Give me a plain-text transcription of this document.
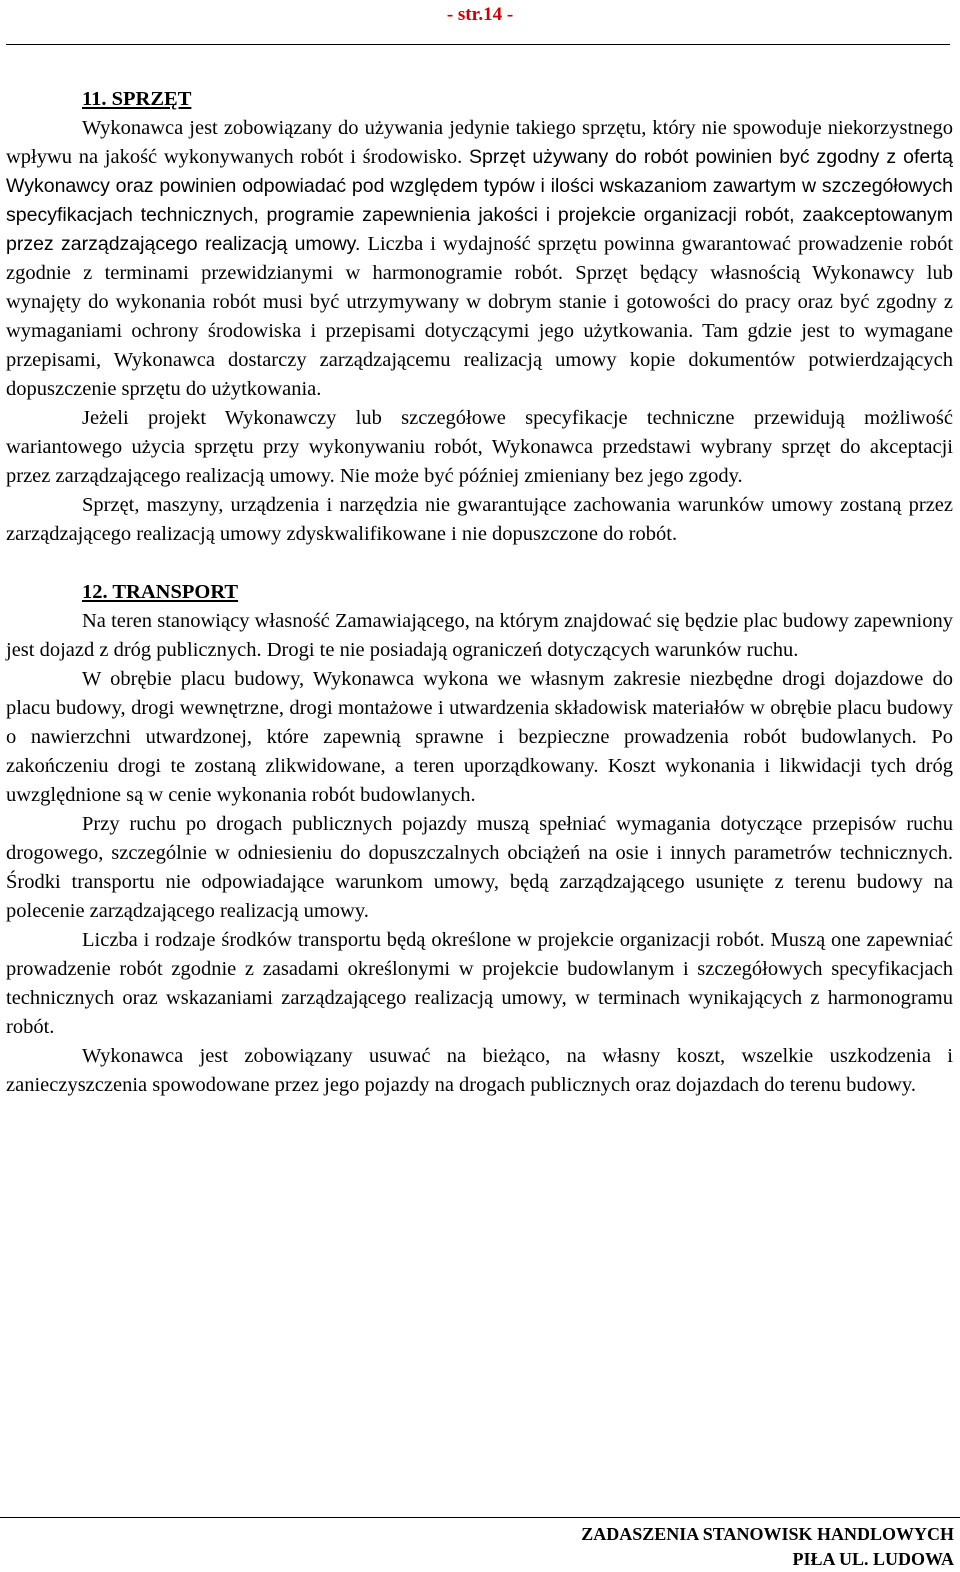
- str.14 -

11. SPRZĘT

Wykonawca jest zobowiązany do używania jedynie takiego sprzętu, który nie spowoduje niekorzystnego wpływu na jakość wykonywanych robót i środowisko. Sprzęt używany do robót powinien być zgodny z ofertą Wykonawcy oraz powinien odpowiadać pod względem typów i ilości wskazaniom zawartym w szczegółowych specyfikacjach technicznych, programie zapewnienia jakości i projekcie organizacji robót, zaakceptowanym przez zarządzającego realizacją umowy. Liczba i wydajność sprzętu powinna gwarantować prowadzenie robót zgodnie z terminami przewidzianymi w harmonogramie robót. Sprzęt będący własnością Wykonawcy lub wynajęty do wykonania robót musi być utrzymywany w dobrym stanie i gotowości do pracy oraz być zgodny z wymaganiami ochrony środowiska i przepisami dotyczącymi jego użytkowania. Tam gdzie jest to wymagane przepisami, Wykonawca dostarczy zarządzającemu realizacją umowy kopie dokumentów potwierdzających dopuszczenie sprzętu do użytkowania.

Jeżeli projekt Wykonawczy lub szczegółowe specyfikacje techniczne przewidują możliwość wariantowego użycia sprzętu przy wykonywaniu robót, Wykonawca przedstawi wybrany sprzęt do akceptacji przez zarządzającego realizacją umowy. Nie może być później zmieniany bez jego zgody.

Sprzęt, maszyny, urządzenia i narzędzia nie gwarantujące zachowania warunków umowy zostaną przez zarządzającego realizacją umowy zdyskwalifikowane i nie dopuszczone do robót.

12. TRANSPORT

Na teren stanowiący własność Zamawiającego, na którym znajdować się będzie plac budowy zapewniony jest dojazd z dróg publicznych. Drogi te nie posiadają ograniczeń dotyczących warunków ruchu.

W obrębie placu budowy, Wykonawca wykona we własnym zakresie niezbędne drogi dojazdowe do placu budowy, drogi wewnętrzne, drogi montażowe i utwardzenia składowisk materiałów w obrębie placu budowy o nawierzchni utwardzonej, które zapewnią sprawne i bezpieczne prowadzenia robót budowlanych. Po zakończeniu drogi te zostaną zlikwidowane, a teren uporządkowany. Koszt wykonania i likwidacji tych dróg uwzględnione są w cenie wykonania robót budowlanych.

Przy ruchu po drogach publicznych pojazdy muszą spełniać wymagania dotyczące przepisów ruchu drogowego, szczególnie w odniesieniu do dopuszczalnych obciążeń na osie i innych parametrów technicznych. Środki transportu nie odpowiadające warunkom umowy, będą zarządzającego usunięte z terenu budowy na polecenie zarządzającego realizacją umowy.

Liczba i rodzaje środków transportu będą określone w projekcie organizacji robót. Muszą one zapewniać prowadzenie robót zgodnie z zasadami określonymi w projekcie budowlanym i szczegółowych specyfikacjach technicznych oraz wskazaniami zarządzającego realizacją umowy, w terminach wynikających z harmonogramu robót.

Wykonawca jest zobowiązany usuwać na bieżąco, na własny koszt, wszelkie uszkodzenia i zanieczyszczenia spowodowane przez jego pojazdy na drogach publicznych oraz dojazdach do terenu budowy.

ZADASZENIA STANOWISK HANDLOWYCH
PIŁA UL. LUDOWA
